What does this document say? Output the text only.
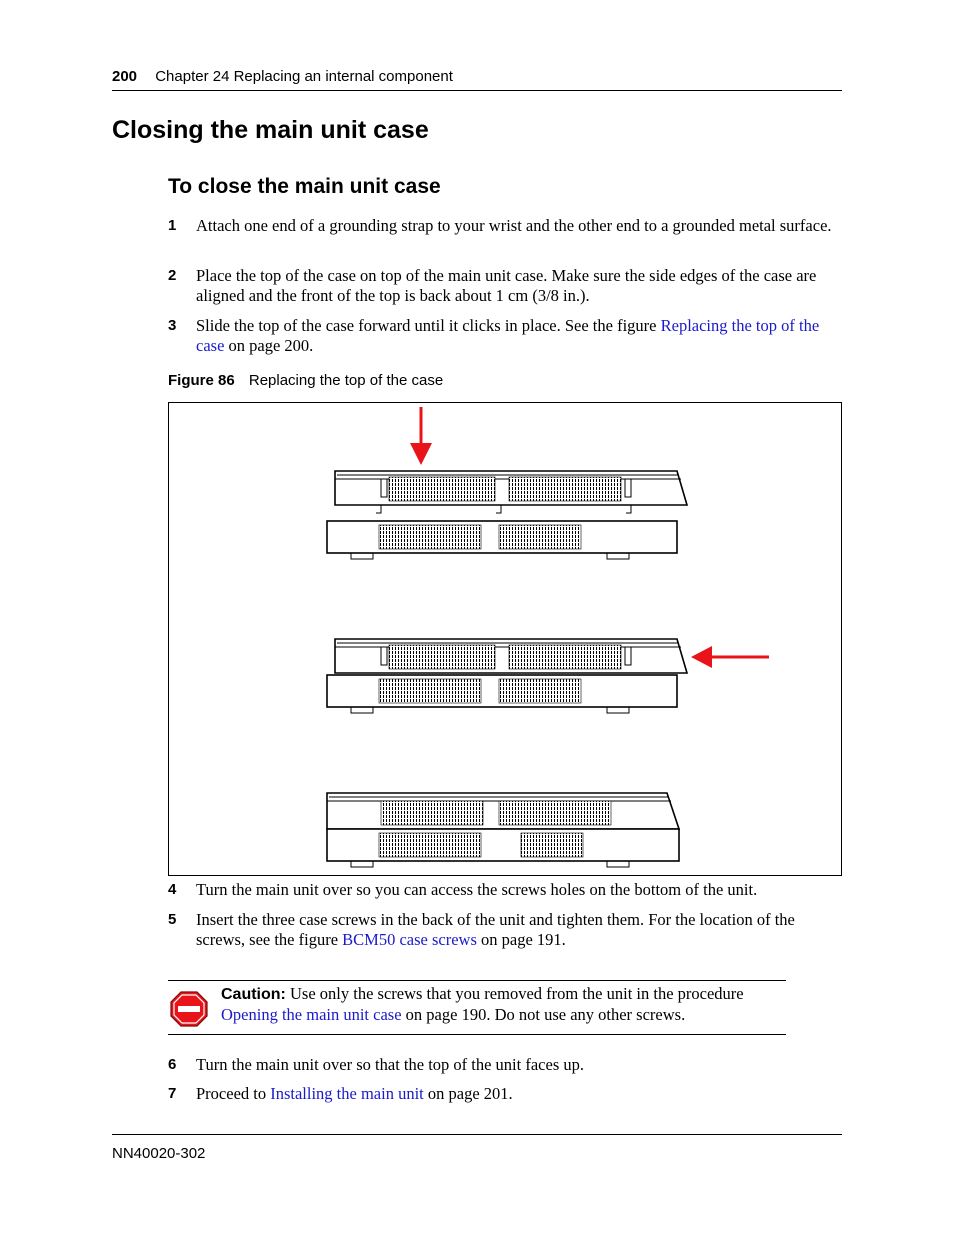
200 Chapter 24 Replacing an internal component
Closing the main unit case
To close the main unit case
1 Attach one end of a grounding strap to your wrist and the other end to a grounded metal surface.
2 Place the top of the case on top of the main unit case. Make sure the side edges of the case are aligned and the front of the top is back about 1 cm (3/8 in.).
3 Slide the top of the case forward until it clicks in place. See the figure Replacing the top of the case on page 200.
Figure 86 Replacing the top of the case
4 Turn the main unit over so you can access the screws holes on the bottom of the unit.
5 Insert the three case screws in the back of the unit and tighten them. For the location of the screws, see the figure BCM50 case screws on page 191.
Caution: Use only the screws that you removed from the unit in the procedure Opening the main unit case on page 190. Do not use any other screws.
6 Turn the main unit over so that the top of the unit faces up.
7 Proceed to Installing the main unit on page 201.
NN40020-302
